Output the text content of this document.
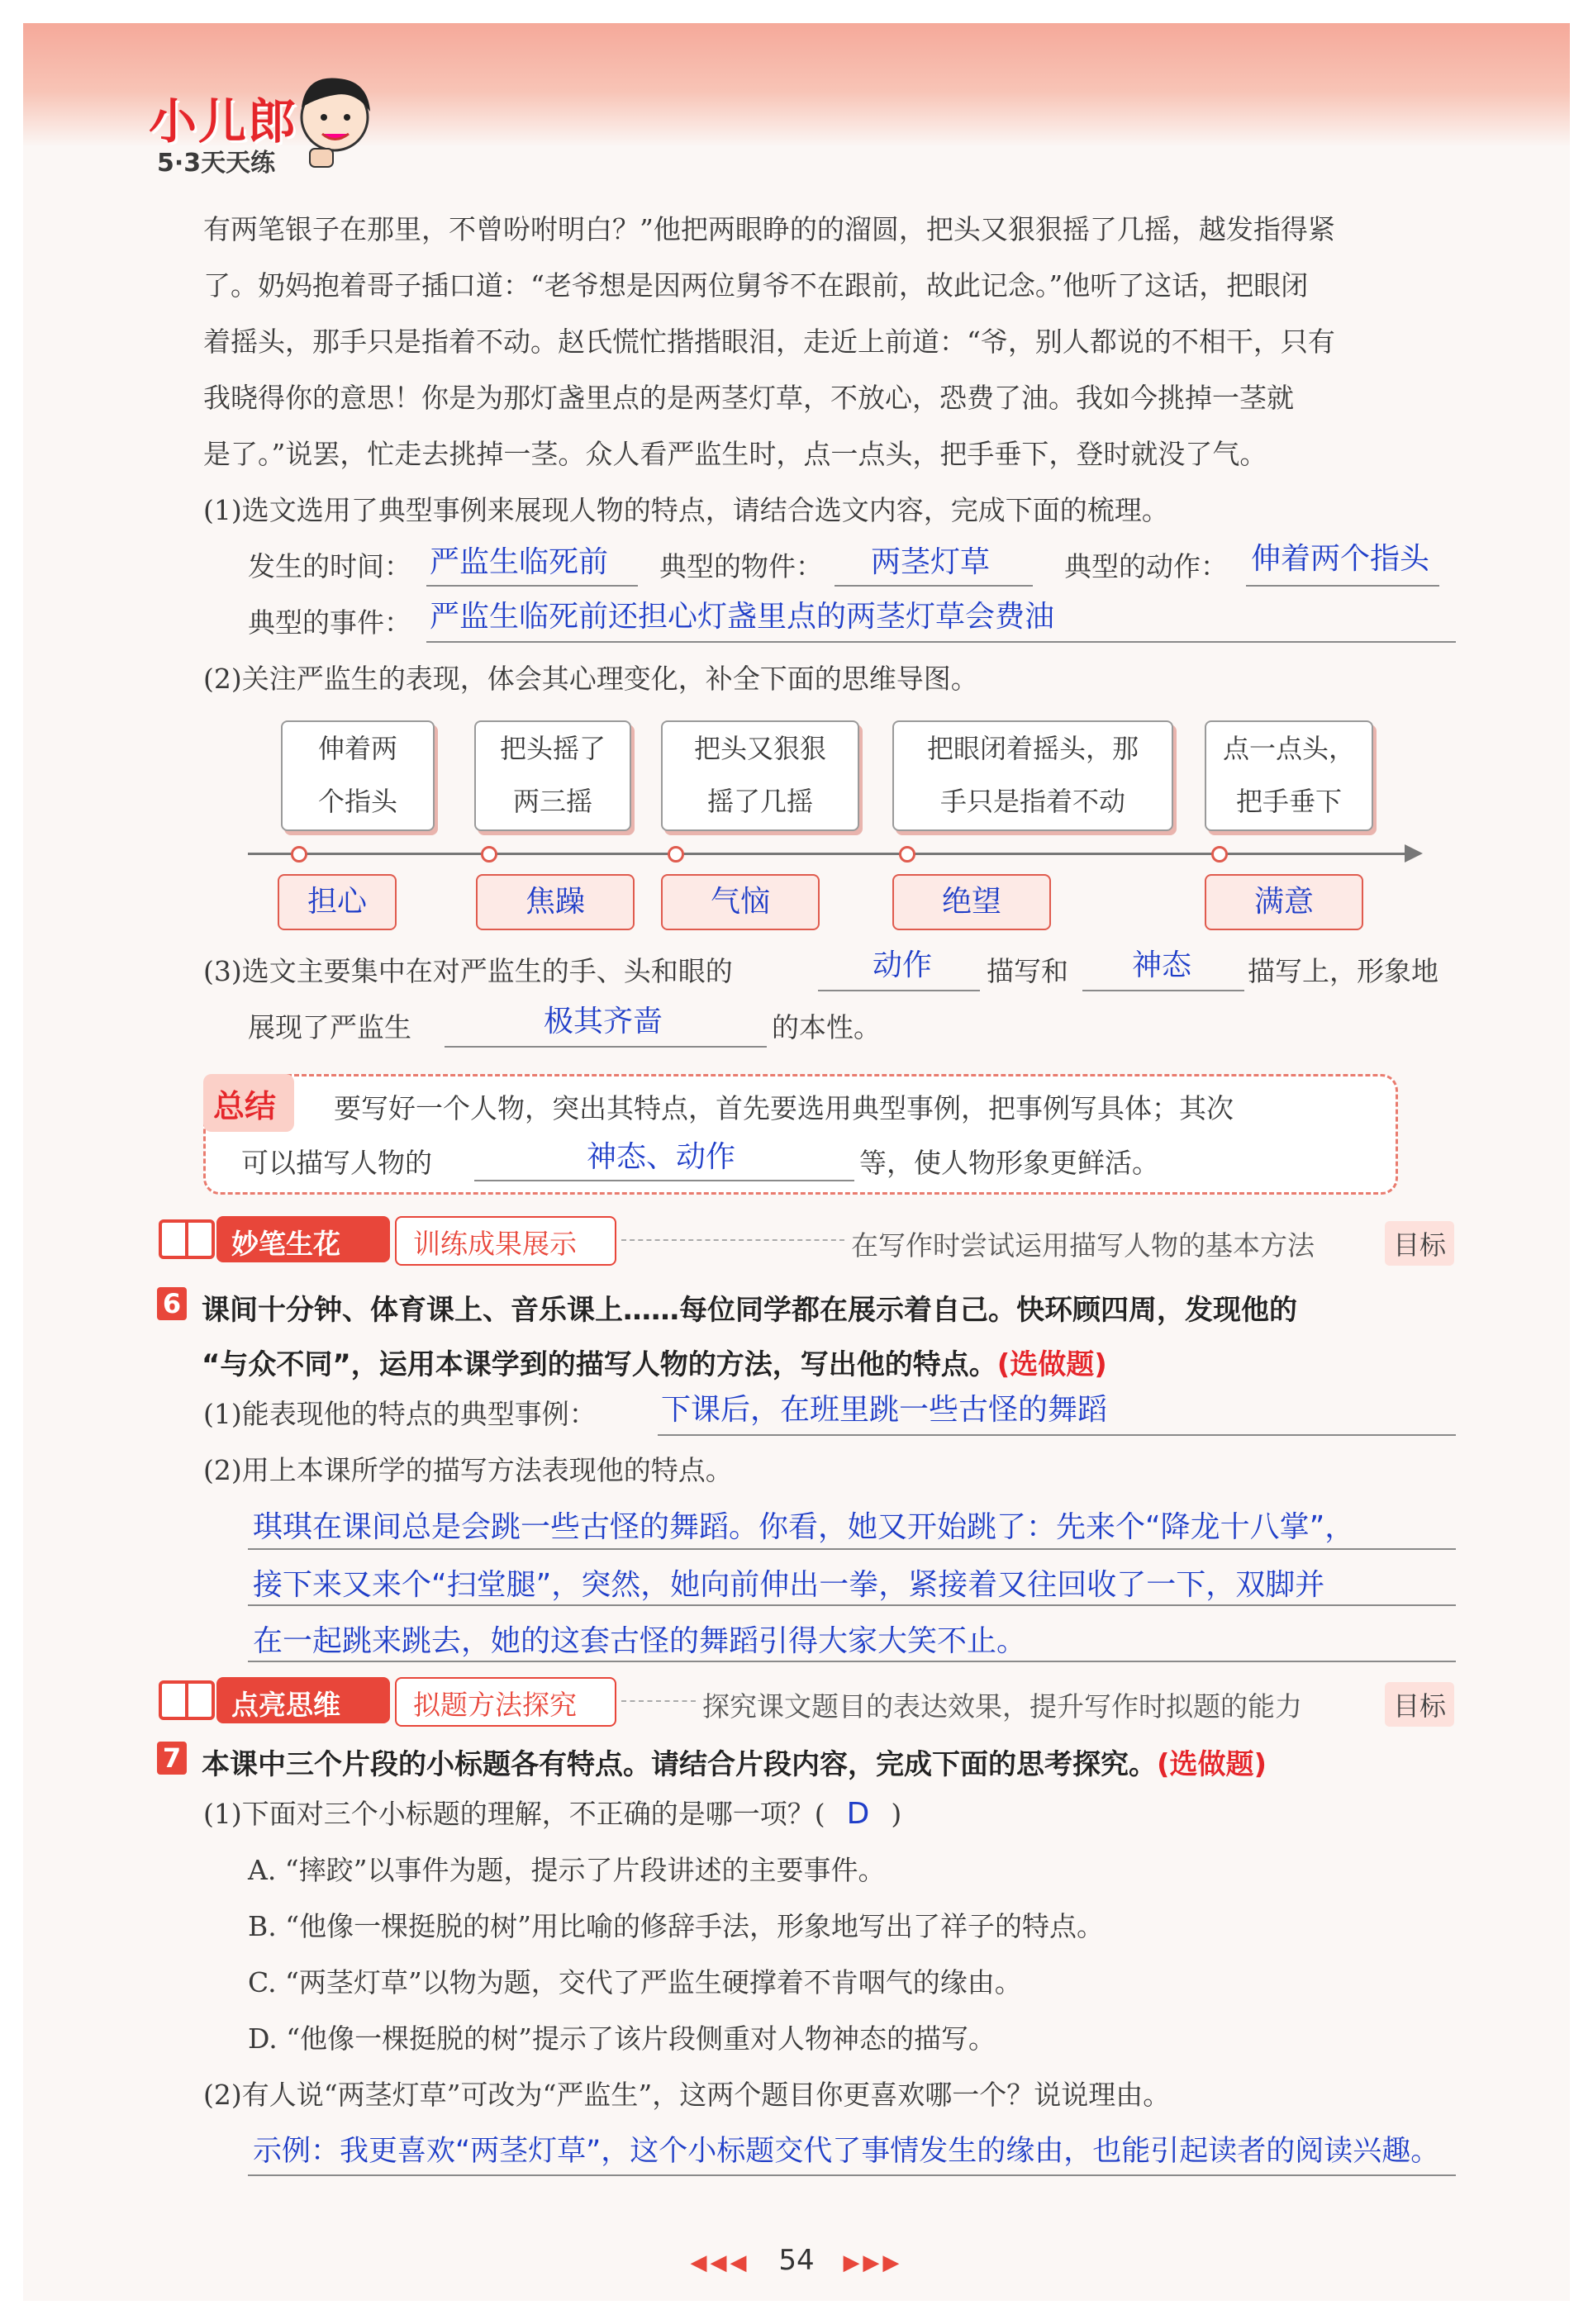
小儿郎
5·3天天练
有两笔银子在那里，不曾吩咐明白？”他把两眼睁的的溜圆，把头又狠狠摇了几摇，越发指得紧
了。奶妈抱着哥子插口道：“老爷想是因两位舅爷不在跟前，故此记念。”他听了这话，把眼闭
着摇头，那手只是指着不动。赵氏慌忙揩揩眼泪，走近上前道：“爷，别人都说的不相干，只有
我晓得你的意思！你是为那灯盏里点的是两茎灯草，不放心，恐费了油。我如今挑掉一茎就
是了。”说罢，忙走去挑掉一茎。众人看严监生时，点一点头，把手垂下，登时就没了气。
(1)选文选用了典型事例来展现人物的特点，请结合选文内容，完成下面的梳理。
发生的时间： 严监生临死前 典型的物件： 两茎灯草	典型的动作： 伸着两个指头
典型的事件： 严监生临死前还担心灯盏里点的两茎灯草会费油
(2)关注严监生的表现，体会其心理变化，补全下面的思维导图。
伸着两
个指头
把头摇了
两三摇
把头又狠狠
摇了几摇
把眼闭着摇头，那
手只是指着不动
点一点头，
把手垂下
担心	焦躁	气恼	绝望	满意
(3)选文主要集中在对严监生的手、头和眼的	动作 描写和 神态 描写上，形象地
展现了严监生	极其齐啬	的本性。
总结 要写好一个人物，突出其特点，首先要选用典型事例，把事例写具体；其次
可以描写人物的	神态、动作	等，使人物形象更鲜活。
妙笔生花	训练成果展示	在写作时尝试运用描写人物的基本方法	目标
6 课间十分钟、体育课上、音乐课上……每位同学都在展示着自己。快环顾四周，发现他的
“与众不同”，运用本课学到的描写人物的方法，写出他的特点。(选做题)
(1)能表现他的特点的典型事例： 下课后，在班里跳一些古怪的舞蹈
(2)用上本课所学的描写方法表现他的特点。
琪琪在课间总是会跳一些古怪的舞蹈。你看，她又开始跳了：先来个“降龙十八掌”，
接下来又来个“扫堂腿”，突然，她向前伸出一拳，紧接着又往回收了一下，双脚并
在一起跳来跳去，她的这套古怪的舞蹈引得大家大笑不止。
点亮思维	拟题方法探究	探究课文题目的表达效果，提升写作时拟题的能力	目标
7 本课中三个片段的小标题各有特点。请结合片段内容，完成下面的思考探究。(选做题)
(1)下面对三个小标题的理解，不正确的是哪一项？( D )
A. “摔跤”以事件为题，提示了片段讲述的主要事件。
B. “他像一棵挺脱的树”用比喻的修辞手法，形象地写出了祥子的特点。
C. “两茎灯草”以物为题，交代了严监生硬撑着不肯咽气的缘由。
D. “他像一棵挺脱的树”提示了该片段侧重对人物神态的描写。
(2)有人说“两茎灯草”可改为“严监生”，这两个题目你更喜欢哪一个？说说理由。
示例：我更喜欢“两茎灯草”，这个小标题交代了事情发生的缘由，也能引起读者的阅读兴趣。
◀◀◀ 54 ▶▶▶
